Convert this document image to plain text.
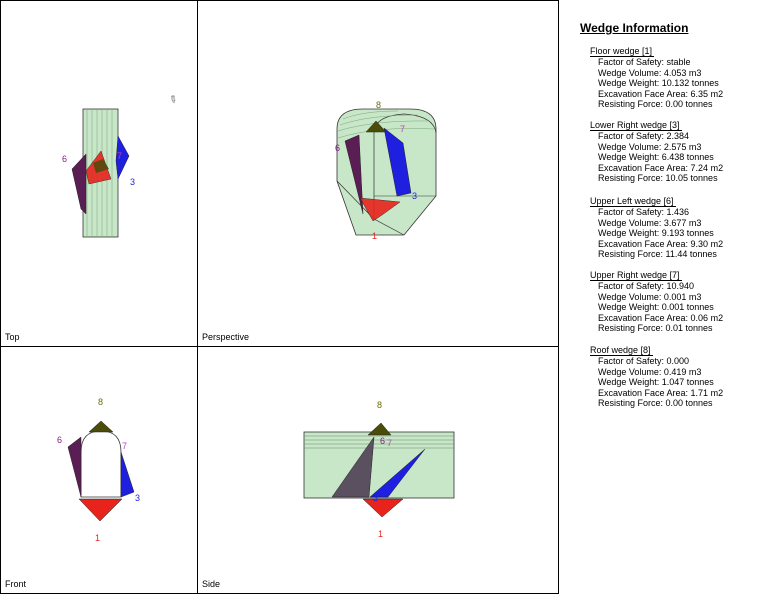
6
3
7
✎
Top
8
7
6
3
1
Perspective
8
6
7
3
1
Front
8
6 7
3
1
Side
Wedge Information
Floor wedge [1]
Factor of Safety: stable
Wedge Volume: 4.053 m3
Wedge Weight: 10.132 tonnes
Excavation Face Area: 6.35 m2
Resisting Force: 0.00 tonnes
Lower Right wedge [3]
Factor of Safety: 2.384
Wedge Volume: 2.575 m3
Wedge Weight: 6.438 tonnes
Excavation Face Area: 7.24 m2
Resisting Force: 10.05 tonnes
Upper Left wedge [6]
Factor of Safety: 1.436
Wedge Volume: 3.677 m3
Wedge Weight: 9.193 tonnes
Excavation Face Area: 9.30 m2
Resisting Force: 11.44 tonnes
Upper Right wedge [7]
Factor of Safety: 10.940
Wedge Volume: 0.001 m3
Wedge Weight: 0.001 tonnes
Excavation Face Area: 0.06 m2
Resisting Force: 0.01 tonnes
Roof wedge [8]
Factor of Safety: 0.000
Wedge Volume: 0.419 m3
Wedge Weight: 1.047 tonnes
Excavation Face Area: 1.71 m2
Resisting Force: 0.00 tonnes
